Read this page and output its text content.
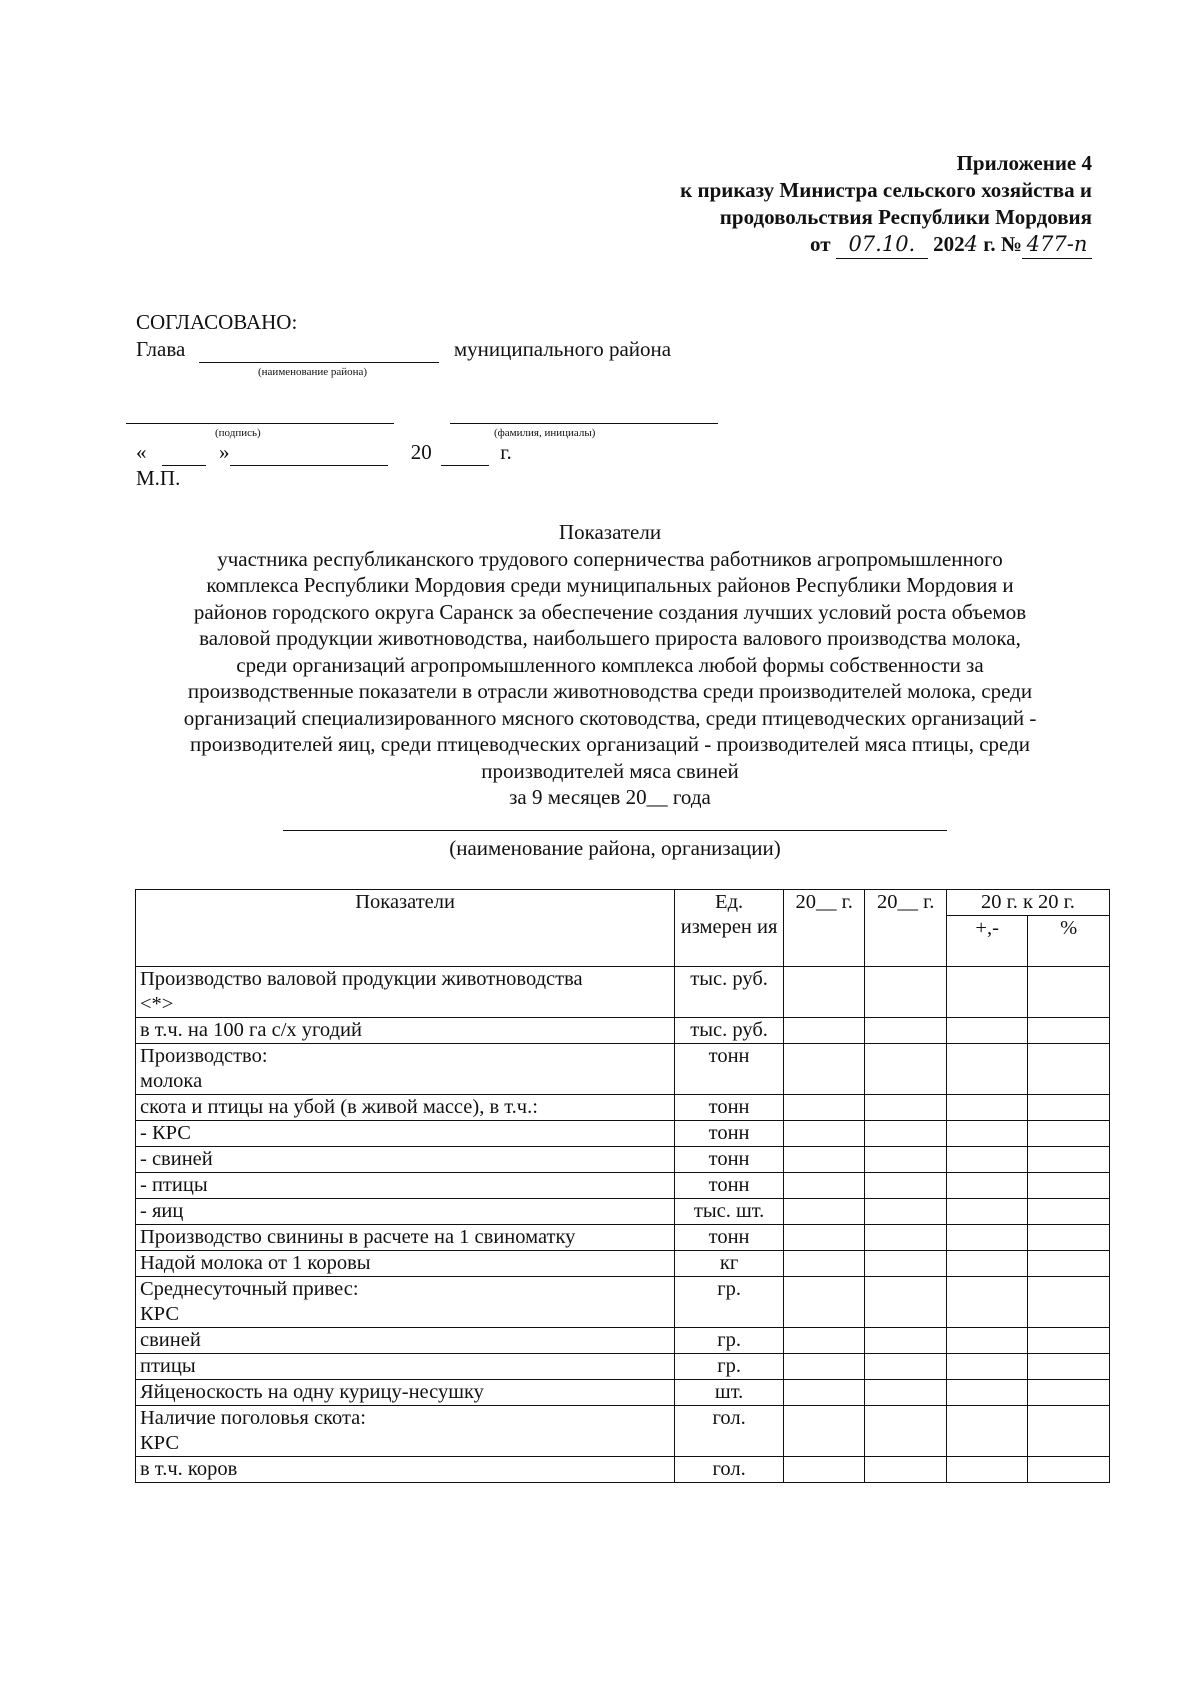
Приложение 4
к приказу Министра сельского хозяйства и
продовольствия Республики Мордовия
от 07.10. 2024 г. № 477-п
СОГЛАСОВАНО:
Глава	муниципального района
(наименование района)
(подпись)	(фамилия, инициалы)
«	»	20	г.
М.П.
Показатели
участника республиканского трудового соперничества работников агропромышленного
комплекса Республики Мордовия среди муниципальных районов Республики Мордовия и
районов городского округа Саранск за обеспечение создания лучших условий роста объемов
валовой продукции животноводства, наибольшего прироста валового производства молока,
среди организаций агропромышленного комплекса любой формы собственности за
производственные показатели в отрасли животноводства среди производителей молока, среди
организаций специализированного мясного скотоводства, среди птицеводческих организаций -
производителей яиц, среди птицеводческих организаций - производителей мяса птицы, среди
производителей мяса свиней
за 9 месяцев 20__ года
(наименование района, организации)
Показатели	Ед. измерен ия	20__ г.	20__ г.	20 г. к 20 г.	
				+,-	%

Производство валовой продукции животноводства
<*>	тыс. руб.				

в т.ч. на 100 га с/х угодий	тыс. руб.				

Производство:
молока	тонн				

скота и птицы на убой (в живой массе), в т.ч.:	тонн				

- КРС	тонн				

- свиней	тонн				

- птицы	тонн				

- яиц	тыс. шт.				

Производство свинины в расчете на 1 свиноматку	тонн				

Надой молока от 1 коровы	кг				

Среднесуточный привес:
КРС	гр.				

свиней	гр.				

птицы	гр.				

Яйценоскость на одну курицу-несушку	шт.				

Наличие поголовья скота:
КРС	гол.				

в т.ч. коров	гол.				
